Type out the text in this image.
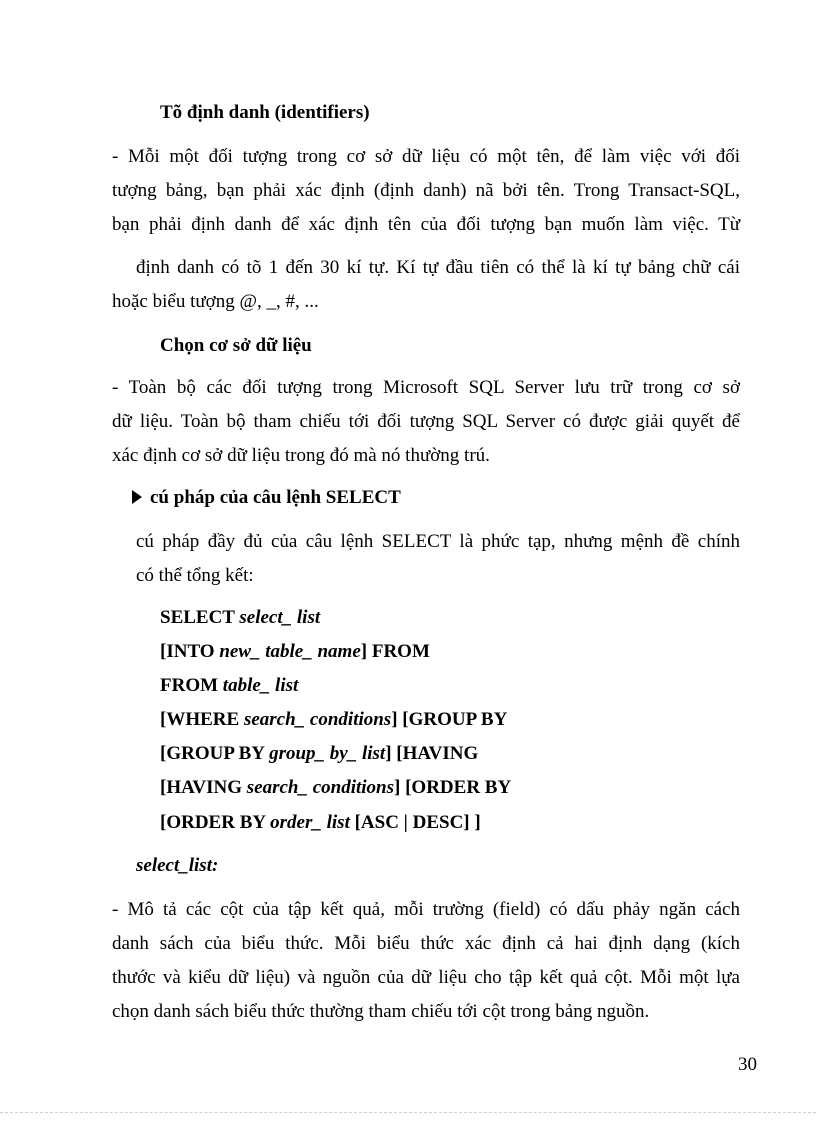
Tõ định danh (identifiers)
- Mỗi một đối tượng trong cơ sở dữ liệu có một tên, để làm việc với đối
tượng bảng, bạn phải xác định (định danh) nã bởi tên. Trong Transact-SQL,
bạn phải định danh để xác định tên của đối tượng bạn muốn làm việc. Từ
định danh có tõ 1 đến 30 kí tự. Kí tự đầu tiên có thể là kí tự bảng chữ cái
hoặc biểu tượng @, _, #, ...
Chọn cơ sở dữ liệu
- Toàn bộ các đối tượng trong Microsoft SQL Server lưu trữ trong cơ sở
dữ liệu. Toàn bộ tham chiếu tới đối tượng SQL Server có được giải quyết để
xác định cơ sở dữ liệu trong đó mà nó thường trú.
cú pháp của câu lệnh SELECT
cú pháp đầy đủ của câu lệnh SELECT là phức tạp, nhưng mệnh đề chính
có thể tổng kết:
SELECT select_ list
[INTO new_ table_ name] FROM
FROM table_ list
[WHERE search_ conditions] [GROUP BY
[GROUP BY group_ by_ list] [HAVING
[HAVING search_ conditions] [ORDER BY
[ORDER BY order_ list [ASC | DESC] ]
select_list:
- Mô tả các cột của tập kết quả, mỗi trường (field) có dấu phảy ngăn cách
danh sách của biểu thức. Mỗi biểu thức xác định cả hai định dạng (kích
thước và kiểu dữ liệu) và nguồn của dữ liệu cho tập kết quả cột. Mỗi một lựa
chọn danh sách biểu thức thường tham chiếu tới cột trong bảng nguồn.
30
